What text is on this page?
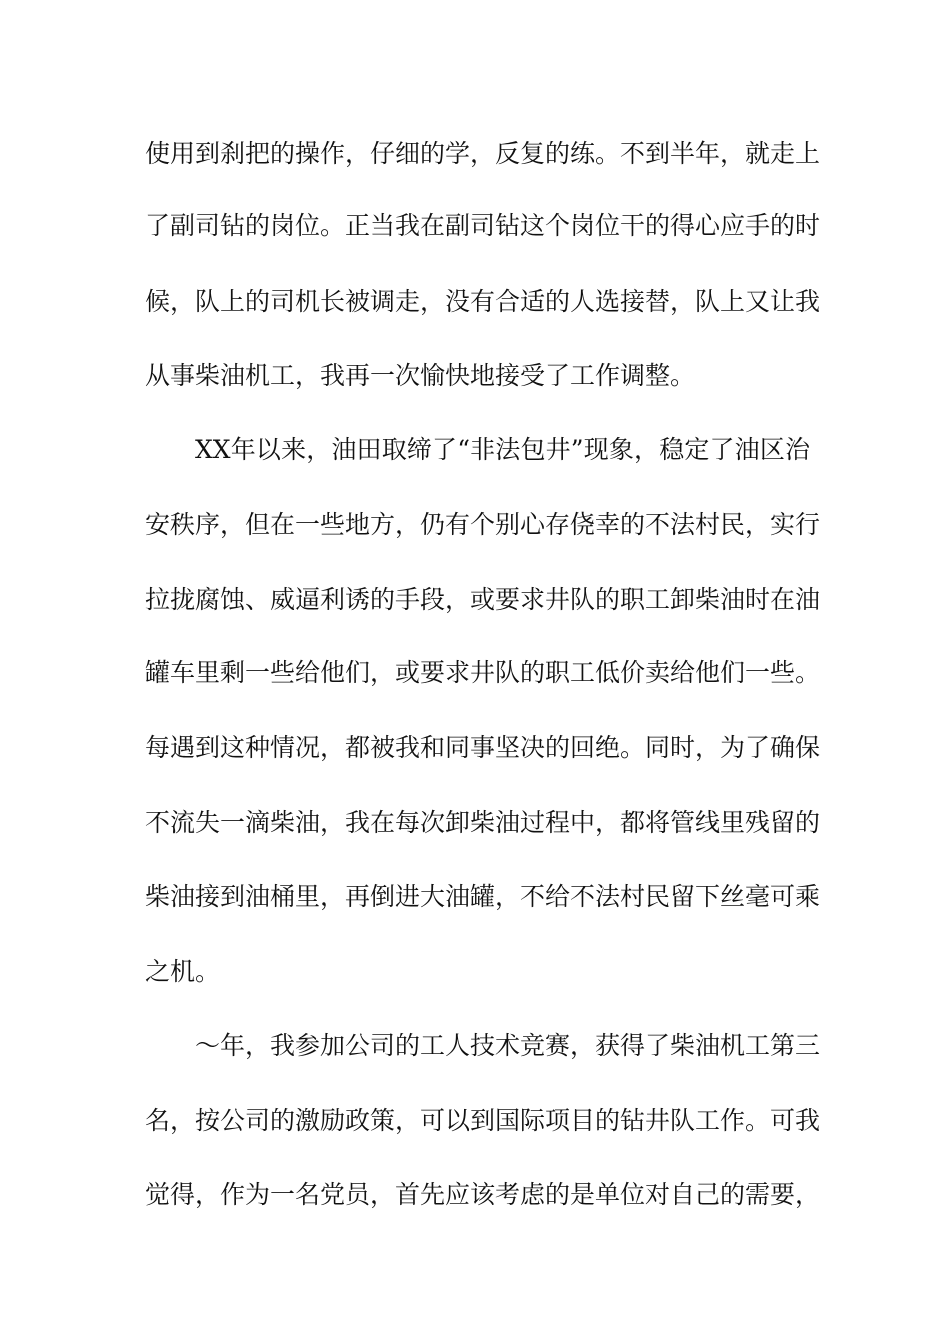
使用到刹把的操作，仔细的学，反复的练。不到半年，就走上
了副司钻的岗位。正当我在副司钻这个岗位干的得心应手的时
候，队上的司机长被调走，没有合适的人选接替，队上又让我
从事柴油机工，我再一次愉快地接受了工作调整。
XX年以来，油田取缔了“非法包井”现象，稳定了油区治
安秩序，但在一些地方，仍有个别心存侥幸的不法村民，实行
拉拢腐蚀、威逼利诱的手段，或要求井队的职工卸柴油时在油
罐车里剩一些给他们，或要求井队的职工低价卖给他们一些。
每遇到这种情况，都被我和同事坚决的回绝。同时，为了确保
不流失一滴柴油，我在每次卸柴油过程中，都将管线里残留的
柴油接到油桶里，再倒进大油罐，不给不法村民留下丝毫可乘
之机。
～年，我参加公司的工人技术竞赛，获得了柴油机工第三
名，按公司的激励政策，可以到国际项目的钻井队工作。可我
觉得，作为一名党员，首先应该考虑的是单位对自己的需要，
